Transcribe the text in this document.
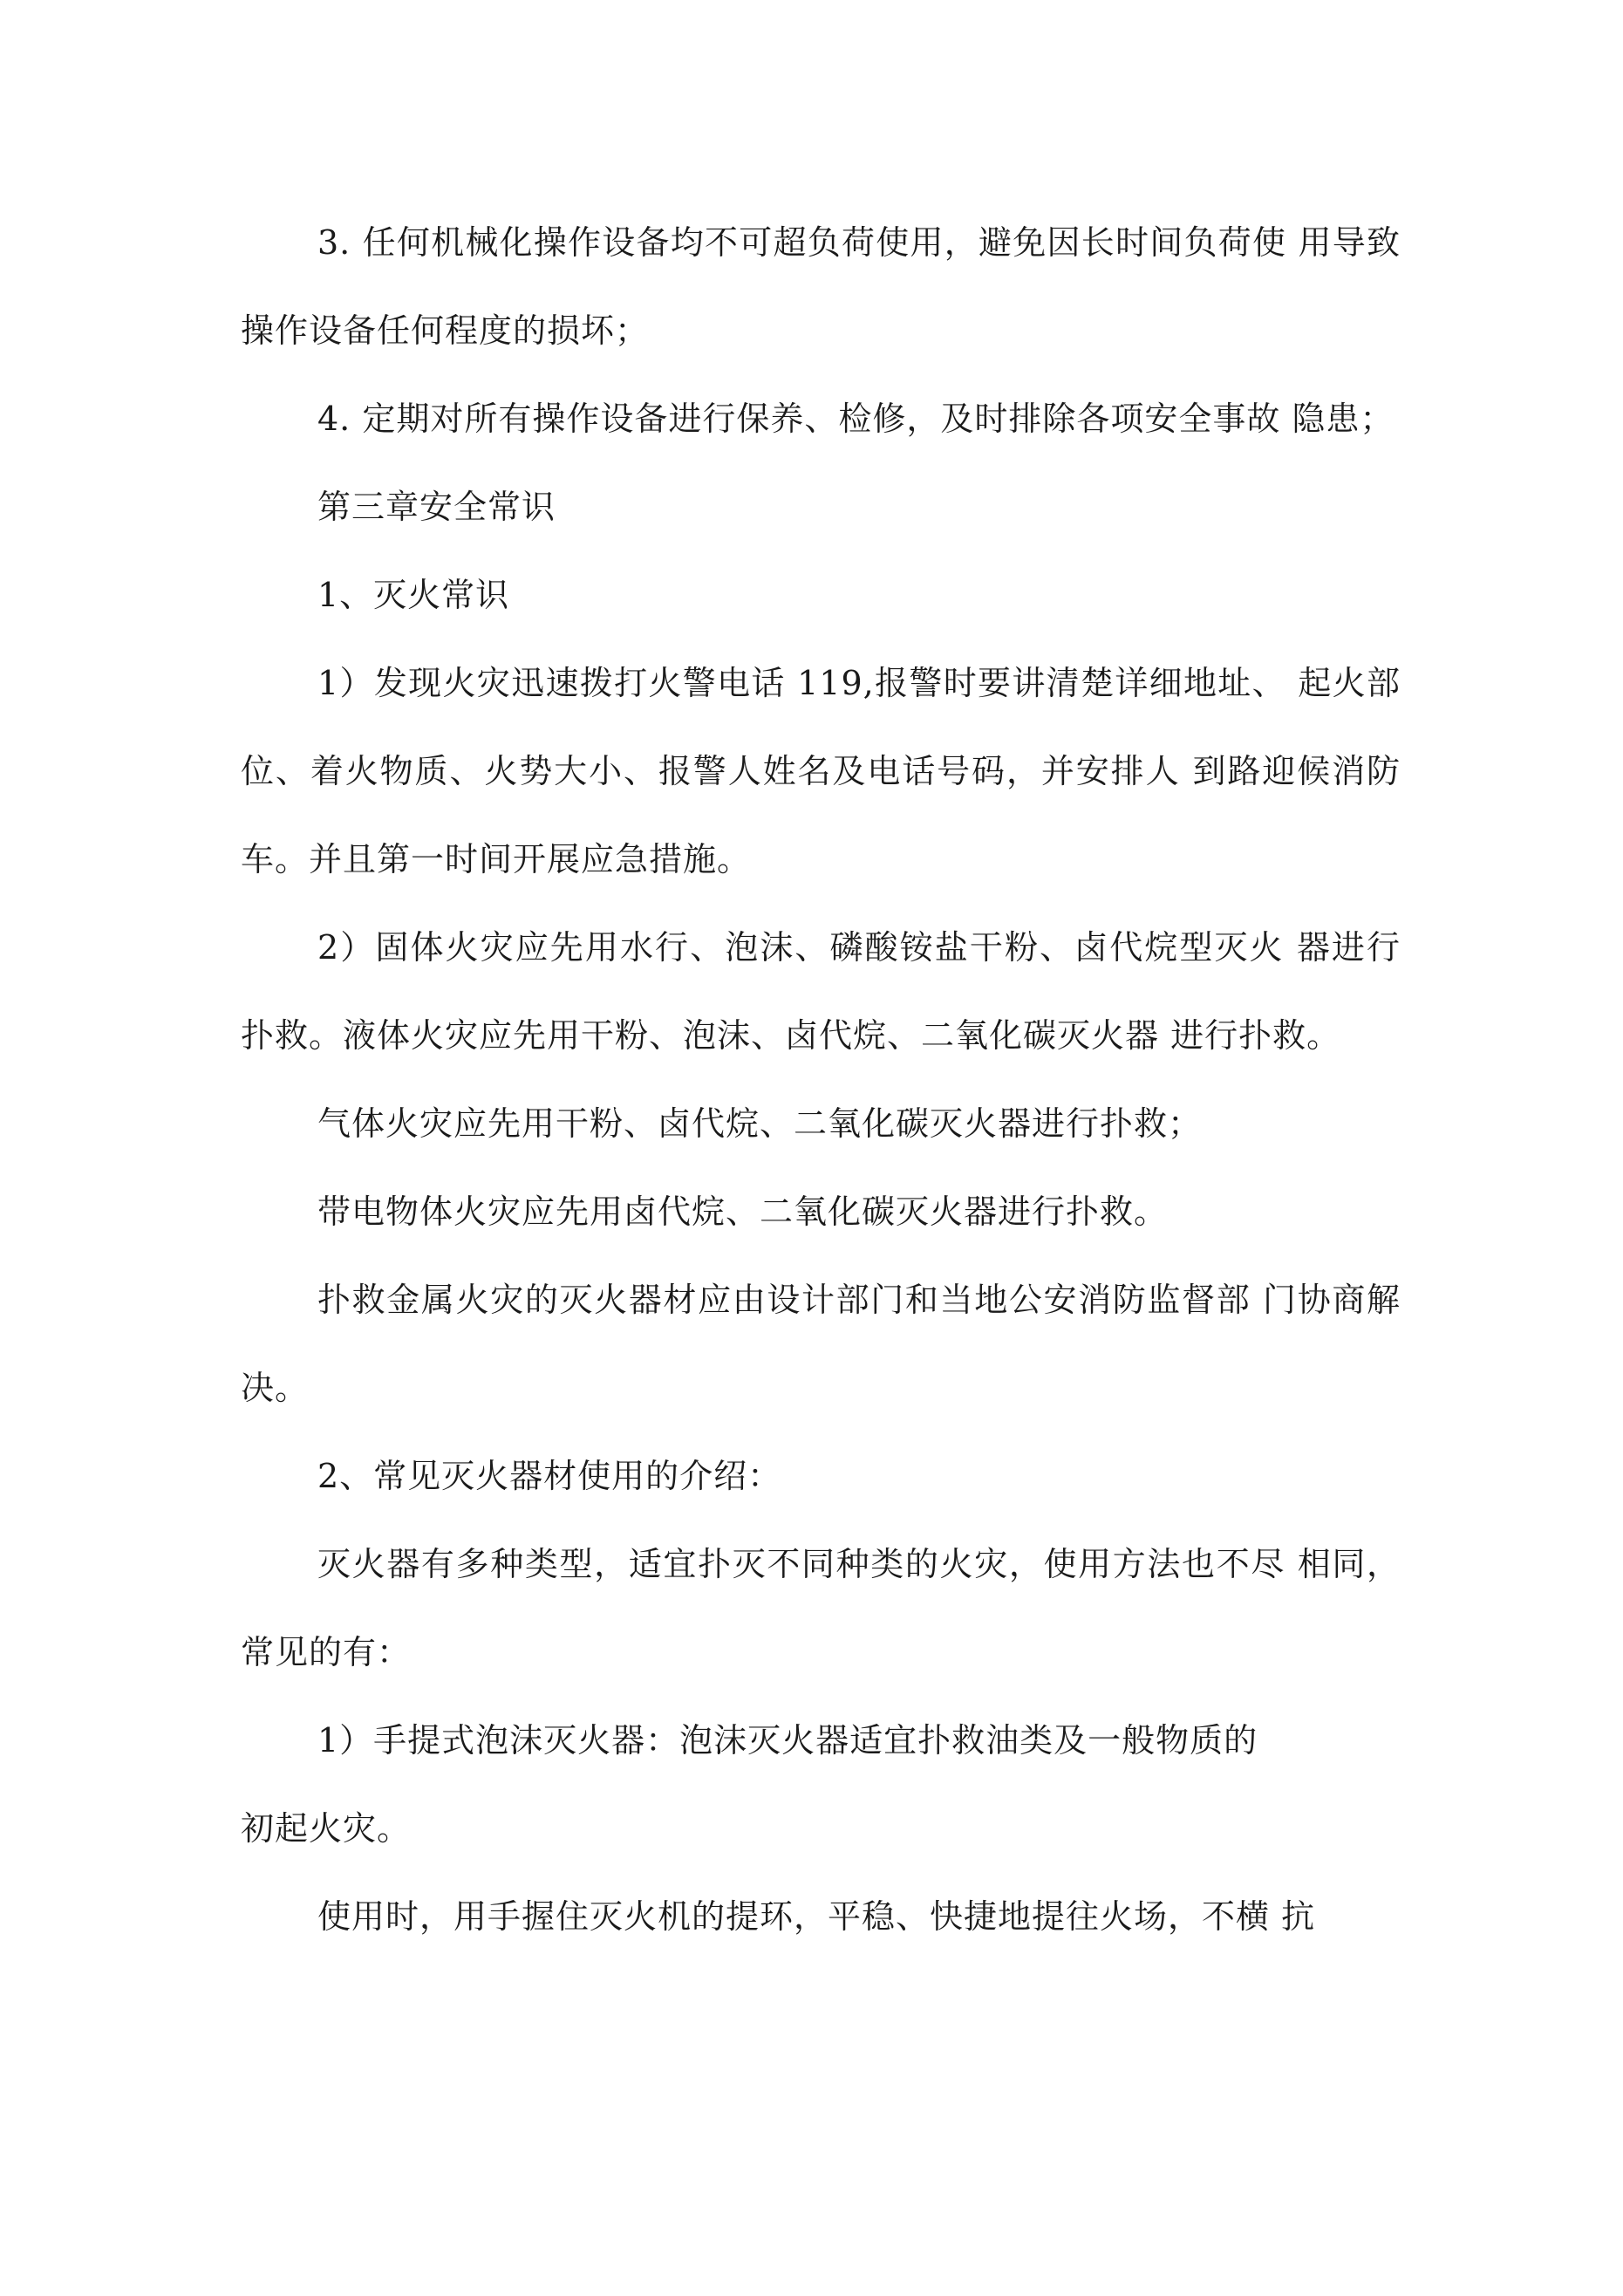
3. 任何机械化操作设备均不可超负荷使用，避免因长时间负荷使 用导致操作设备任何程度的损坏；

4. 定期对所有操作设备进行保养、检修，及时排除各项安全事故 隐患；

第三章安全常识

1、灭火常识

1）发现火灾迅速拨打火警电话 119,报警时要讲清楚详细地址、 起火部位、着火物质、火势大小、报警人姓名及电话号码，并安排人 到路迎候消防车。并且第一时间开展应急措施。

2）固体火灾应先用水行、泡沫、磷酸铵盐干粉、卤代烷型灭火 器进行扑救。液体火灾应先用干粉、泡沫、卤代烷、二氧化碳灭火器 进行扑救。

气体火灾应先用干粉、卤代烷、二氧化碳灭火器进行扑救；

带电物体火灾应先用卤代烷、二氧化碳灭火器进行扑救。

扑救金属火灾的灭火器材应由设计部门和当地公安消防监督部 门协商解决。

2、常见灭火器材使用的介绍：

灭火器有多种类型，适宜扑灭不同种类的火灾，使用方法也不尽 相同，常见的有：

1）手提式泡沫灭火器：泡沫灭火器适宜扑救油类及一般物质的

初起火灾。

使用时，用手握住灭火机的提环，平稳、快捷地提往火场，不横 抗
